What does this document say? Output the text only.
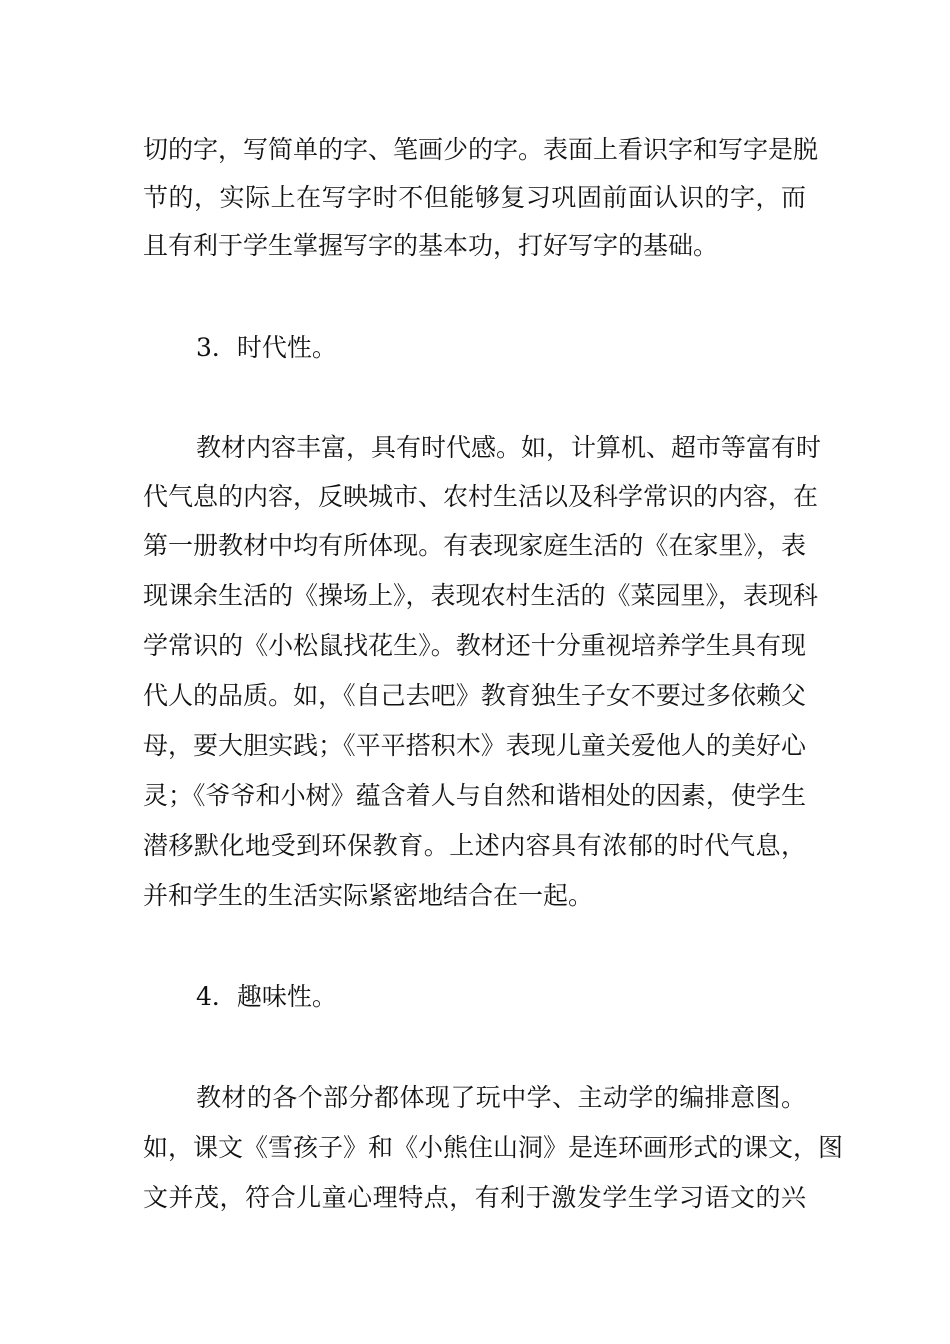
切的字，写简单的字、笔画少的字。表面上看识字和写字是脱
节的，实际上在写字时不但能够复习巩固前面认识的字，而
且有利于学生掌握写字的基本功，打好写字的基础。
3．时代性。
教材内容丰富，具有时代感。如，计算机、超市等富有时
代气息的内容，反映城市、农村生活以及科学常识的内容，在
第一册教材中均有所体现。有表现家庭生活的《在家里》，表
现课余生活的《操场上》，表现农村生活的《菜园里》，表现科
学常识的《小松鼠找花生》。教材还十分重视培养学生具有现
代人的品质。如，《自己去吧》教育独生子女不要过多依赖父
母，要大胆实践；《平平搭积木》表现儿童关爱他人的美好心
灵；《爷爷和小树》蕴含着人与自然和谐相处的因素，使学生
潜移默化地受到环保教育。上述内容具有浓郁的时代气息，
并和学生的生活实际紧密地结合在一起。
4．趣味性。
教材的各个部分都体现了玩中学、主动学的编排意图。
如，课文《雪孩子》和《小熊住山洞》是连环画形式的课文，图
文并茂，符合儿童心理特点，有利于激发学生学习语文的兴
